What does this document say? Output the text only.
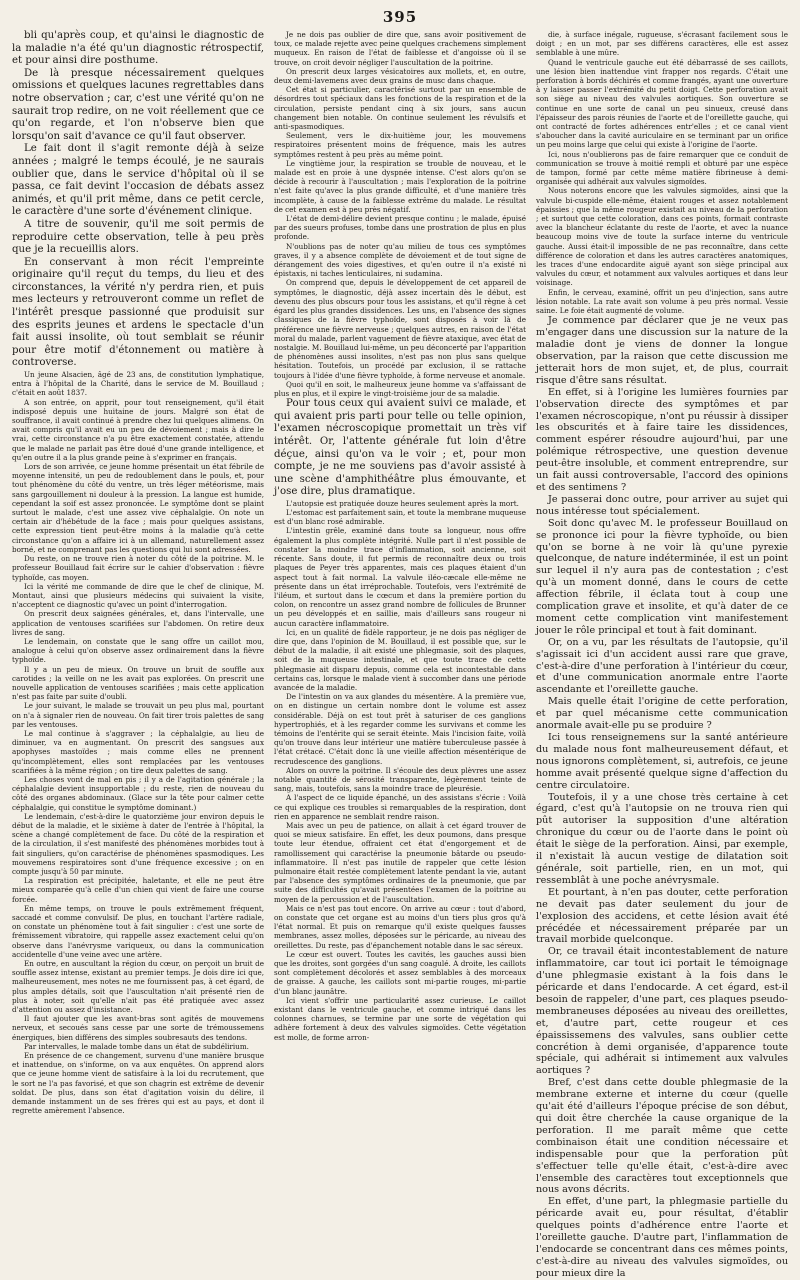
395

bli qu'après coup, et qu'ainsi le diagnostic de la maladie n'a été qu'un diagnostic rétrospectif, et pour ainsi dire posthume.

De là presque nécessairement quelques omissions et quelques lacunes regrettables dans notre observation ; car, c'est une vérité qu'on ne saurait trop redire, on ne voit réellement que ce qu'on regarde, et l'on n'observe bien que lorsqu'on sait d'avance ce qu'il faut observer.

Le fait dont il s'agit remonte déjà à seize années ; malgré le temps écoulé, je ne saurais oublier que, dans le service d'hôpital où il se passa, ce fait devint l'occasion de débats assez animés, et qu'il prit même, dans ce petit cercle, le caractère d'une sorte d'événement clinique.

A titre de souvenir, qu'il me soit permis de reproduire cette observation, telle à peu près que je la recueillis alors.

En conservant à mon récit l'empreinte originaire qu'il reçut du temps, du lieu et des circonstances, la vérité n'y perdra rien, et puis mes lecteurs y retrouveront comme un reflet de l'intérêt presque passionné que produisit sur des esprits jeunes et ardens le spectacle d'un fait aussi insolite, où tout semblait se réunir pour être motif d'étonnement ou matière à controverse.

Un jeune Alsacien, âgé de 23 ans, de constitution lymphatique, entra à l'hôpital de la Charité, dans le service de M. Bouillaud ; c'était en août 1837.

A son entrée, on apprit, pour tout renseignement, qu'il était indisposé depuis une huitaine de jours. Malgré son état de souffrance, il avait continué à prendre chez lui quelques alimens. On avait compris qu'il avait eu un peu de dévoiement ; mais à dire le vrai, cette circonstance n'a pu être exactement constatée, attendu que le malade ne parlait pas être doué d'une grande intelligence, et qu'en outre il a la plus grande peine à s'exprimer en français.

Lors de son arrivée, ce jeune homme présentait un état fébrile de moyenne intensité, un peu de redoublement dans le pouls, et, pour tout phénomène du côté du ventre, un très léger météorisme, mais sans gargouillement ni douleur à la pression. La langue est humide, cependant la soif est assez prononcée. Le symptôme dont se plaint surtout le malade, c'est une assez vive céphalalgie. On note un certain air d'hébétude de la face ; mais pour quelques assistans, cette expression tient peut-être moins à la maladie qu'à cette circonstance qu'on a affaire ici à un allemand, naturellement assez borné, et ne comprenant pas les questions qui lui sont adressées.

Du reste, on ne trouve rien à noter du côté de la poitrine. M. le professeur Bouillaud fait écrire sur le cahier d'observation : fièvre typhoïde, cas moyen.

Ici la vérité me commande de dire que le chef de clinique, M. Montaut, ainsi que plusieurs médecins qui suivaient la visite, n'acceptent ce diagnostic qu'avec un point d'interrogation.

On prescrit deux saignées générales, et, dans l'intervalle, une application de ventouses scarifiées sur l'abdomen. On retire deux livres de sang.

Le lendemain, on constate que le sang offre un caillot mou, analogue à celui qu'on observe assez ordinairement dans la fièvre typhoïde.

Il y a un peu de mieux. On trouve un bruit de souffle aux carotides ; la veille on ne les avait pas explorées. On prescrit une nouvelle application de ventouses scarifiées ; mais cette application n'est pas faite par suite d'oubli.

Le jour suivant, le malade se trouvait un peu plus mal, pourtant on n'a à signaler rien de nouveau. On fait tirer trois palettes de sang par les ventouses.

Le mal continue à s'aggraver ; la céphalalgie, au lieu de diminuer, va en augmentant. On prescrit des sangsues aux apophyses mastoïdes ; mais comme elles ne prennent qu'incomplètement, elles sont remplacées par les ventouses scarifiées à la même région ; on tire deux palettes de sang.

Les choses vont de mal en pis ; il y a de l'agitation générale ; la céphalalgie devient insupportable ; du reste, rien de nouveau du côté des organes abdominaux. (Glace sur la tête pour calmer cette céphalalgie, qui constitue le symptôme dominant.)

Le lendemain, c'est-à-dire le quatorzième jour environ depuis le début de la maladie, et le sixième à dater de l'entrée à l'hôpital, la scène a changé complètement de face. Du côté de la respiration et de la circulation, il s'est manifesté des phénomènes morbides tout à fait singuliers, qu'on caractérise de phénomènes spasmodiques. Les mouvemens respiratoires sont d'une fréquence excessive ; on en compte jusqu'à 50 par minute.

La respiration est précipitée, haletante, et elle ne peut être mieux comparée qu'à celle d'un chien qui vient de faire une course forcée.

En même temps, on trouve le pouls extrêmement fréquent, saccadé et comme convulsif. De plus, en touchant l'artère radiale, on constate un phénomène tout à fait singulier : c'est une sorte de frémissement vibratoire, qui rappelle assez exactement celui qu'on observe dans l'anévrysme variqueux, ou dans la communication accidentelle d'une veine avec une artère.

En outre, en auscultant la région du cœur, on perçoit un bruit de souffle assez intense, existant au premier temps. Je dois dire ici que, malheureusement, mes notes ne me fournissent pas, à cet égard, de plus amples détails, soit que l'auscultation n'ait présenté rien de plus à noter, soit qu'elle n'ait pas été pratiquée avec assez d'attention ou assez d'insistance.

Il faut ajouter que les avant-bras sont agités de mouvemens nerveux, et secoués sans cesse par une sorte de trémoussemens énergiques, bien différens des simples soubresauts des tendons.

Par intervalles, le malade tombe dans un état de subdélirium.

En présence de ce changement, survenu d'une manière brusque et inattendue, on s'informe, on va aux enquêtes. On apprend alors que ce jeune homme vient de satisfaire à la loi du recrutement, que le sort ne l'a pas favorisé, et que son chagrin est extrême de devenir soldat. De plus, dans son état d'agitation voisin du délire, il demande instamment un de ses frères qui est au pays, et dont il regrette amèrement l'absence.

Je ne dois pas oublier de dire que, sans avoir positivement de toux, ce malade rejette avec peine quelques crachemens simplement muqueux. En raison de l'état de faiblesse et d'angoisse où il se trouve, on croit devoir négliger l'auscultation de la poitrine.

On prescrit deux larges vésicatoires aux mollets, et, en outre, deux demi-lavemens avec deux grains de musc dans chaque.

Cet état si particulier, caractérisé surtout par un ensemble de désordres tout spéciaux dans les fonctions de la respiration et de la circulation, persiste pendant cinq à six jours, sans aucun changement bien notable. On continue seulement les révulsifs et anti-spasmodiques.

Seulement, vers le dix-huitième jour, les mouvemens respiratoires présentent moins de fréquence, mais les autres symptômes restent à peu près au même point.

Le vingtième jour, la respiration se trouble de nouveau, et le malade est en proie à une dyspnée intense. C'est alors qu'on se décide à recourir à l'auscultation ; mais l'exploration de la poitrine n'est faite qu'avec la plus grande difficulté, et d'une manière très incomplète, à cause de la faiblesse extrême du malade. Le résultat de cet examen est à peu près négatif.

L'état de demi-délire devient presque continu ; le malade, épuisé par des sueurs profuses, tombe dans une prostration de plus en plus profonde.

N'oublions pas de noter qu'au milieu de tous ces symptômes graves, il y a absence complète de dévoiement et de tout signe de dérangement des voies digestives, et qu'en outre il n'a existé ni épistaxis, ni taches lenticulaires, ni sudamina.

On comprend que, depuis le développement de cet appareil de symptômes, le diagnostic, déjà assez incertain dès le début, est devenu des plus obscurs pour tous les assistans, et qu'il règne à cet égard les plus grandes dissidences. Les uns, en l'absence des signes classiques de la fièvre typhoïde, sont disposés à voir là de préférence une fièvre nerveuse ; quelques autres, en raison de l'état moral du malade, parlent vaguement de fièvre ataxique, avec état de nostalgie. M. Bouillaud lui-même, un peu déconcerté par l'apparition de phénomènes aussi insolites, n'est pas non plus sans quelque hésitation. Toutefois, un procédé par exclusion, il se rattache toujours à l'idée d'une fièvre typhoïde, à forme nerveuse et anomale.

Quoi qu'il en soit, le malheureux jeune homme va s'affaissant de plus en plus, et il expire le vingt-troisième jour de sa maladie.

Pour tous ceux qui avaient suivi ce malade, et qui avaient pris parti pour telle ou telle opinion, l'examen nécroscopique promettait un très vif intérêt. Or, l'attente générale fut loin d'être déçue, ainsi qu'on va le voir ; et, pour mon compte, je ne me souviens pas d'avoir assisté à une scène d'amphithéâtre plus émouvante, et j'ose dire, plus dramatique.

L'autopsie est pratiquée douze heures seulement après la mort.

L'estomac est parfaitement sain, et toute la membrane muqueuse est d'un blanc rosé admirable.

L'intestin grêle, examiné dans toute sa longueur, nous offre également la plus complète intégrité. Nulle part il n'est possible de constater la moindre trace d'inflammation, soit ancienne, soit récente. Sans doute, il fut permis de reconnaître deux ou trois plaques de Peyer très apparentes, mais ces plaques étaient d'un aspect tout à fait normal. La valvule iléo-cæcale elle-même ne présente dans un état irréprochable. Toutefois, vers l'extrémité de l'iléum, et surtout dans le cœcum et dans la première portion du colon, on rencontre un assez grand nombre de follicules de Brunner un peu développés et en saillie, mais d'ailleurs sans rougeur ni aucun caractère inflammatoire.

Ici, en un qualité de fidèle rapporteur, je ne dois pas négliger de dire que, dans l'opinion de M. Bouillaud, il est possible que, sur le début de la maladie, il ait existé une phlegmasie, soit des plaques, soit de la muqueuse intestinale, et que toute trace de cette phlegmasie ait disparu depuis, comme cela est incontestable dans certains cas, lorsque le malade vient à succomber dans une période avancée de la maladie.

De l'intestin on va aux glandes du mésentère. A la première vue, on en distingue un certain nombre dont le volume est assez considérable. Déjà on est tout prêt à saturiser de ces ganglions hypertrophiés, et à les regarder comme les survivans et comme les témoins de l'entérite qui se serait éteinte. Mais l'incision faite, voilà qu'on trouve dans leur intérieur une matière tuberculeuse passée à l'état crétacé. C'était donc là une vieille affection mésentérique de recrudescence des ganglions.

Alors on ouvre la poitrine. Il s'écoule des deux plèvres une assez notable quantité de sérosité transparente, légèrement teinte de sang, mais, toutefois, sans la moindre trace de pleurésie.

A l'aspect de ce liquide épanché, un des assistans s'écrie : Voilà ce qui explique ces troubles si remarquables de la respiration, dont rien en apparence ne semblait rendre raison.

Mais avec un peu de patience, on allait à cet égard trouver de quoi se mieux satisfaire. En effet, les deux poumons, dans presque toute leur étendue, offraient cet état d'engorgement et de ramollissement qui caractérise la pneumonie bâtarde ou pseudo-inflammatoire. Il n'est pas inutile de rappeler que cette lésion pulmonaire était restée complètement latente pendant la vie, autant par l'absence des symptômes ordinaires de la pneumonie, que par suite des difficultés qu'avait présentées l'examen de la poitrine au moyen de la percussion et de l'auscultation.

Mais ce n'est pas tout encore. On arrive au cœur : tout d'abord, on constate que cet organe est au moins d'un tiers plus gros qu'à l'état normal. Et puis on remarque qu'il existe quelques fausses membranes, assez molles, déposées sur le péricarde, au niveau des oreillettes. Du reste, pas d'épanchement notable dans le sac séreux.

Le cœur est ouvert. Toutes les cavités, les gauches aussi bien que les droites, sont gorgées d'un sang coagulé. A droite, les caillots sont complètement décolorés et assez semblables à des morceaux de graisse. A gauche, les caillots sont mi-partie rouges, mi-partie d'un blanc jaunâtre.

Ici vient s'offrir une particularité assez curieuse. Le caillot existant dans le ventricule gauche, et comme intriqué dans les colonnes charnues, se termine par une sorte de végétation qui adhère fortement à deux des valvules sigmoïdes. Cette végétation est molle, de forme arron-

die, à surface inégale, rugueuse, s'écrasant facilement sous le doigt ; en un mot, par ses différens caractères, elle est assez semblable à une mûre.

Quand le ventricule gauche eut été débarrassé de ses caillots, une lésion bien inattendue vint frapper nos regards. C'était une perforation à bords déchirés et comme frangés, ayant une ouverture à y laisser passer l'extrémité du petit doigt. Cette perforation avait son siège au niveau des valvules aortiques. Son ouverture se continue en une sorte de canal un peu sinueux, creusé dans l'épaisseur des parois réunies de l'aorte et de l'oreillette gauche, qui ont contracté de fortes adhérences entr'elles ; et ce canal vient s'aboucher dans la cavité auriculaire en se terminant par un orifice un peu moins large que celui qui existe à l'origine de l'aorte.

Ici, nous n'oublierons pas de faire remarquer que ce conduit de communication se trouve à moitié rempli et obturé par une espèce de tampon, formé par cette même matière fibrineuse à demi-organisée qui adhérait aux valvules sigmoïdes.

Nous noterons encore que les valvules sigmoïdes, ainsi que la valvule bi-cuspide elle-même, étaient rouges et assez notablement épaissies ; que la même rougeur existait au niveau de la perforation ; et surtout que cette coloration, dans ces points, formait contraste avec la blancheur éclatante du reste de l'aorte, et avec la nuance beaucoup moins vive de toute la surface interne du ventricule gauche. Aussi était-il impossible de ne pas reconnaître, dans cette différence de coloration et dans les autres caractères anatomiques, les traces d'une endocardite aiguë ayant son siège principal aux valvules du cœur, et notamment aux valvules aortiques et dans leur voisinage.

Enfin, le cerveau, examiné, offrit un peu d'injection, sans autre lésion notable. La rate avait son volume à peu près normal. Vessie saine. Le foie était augmenté de volume.

Je commence par déclarer que je ne veux pas m'engager dans une discussion sur la nature de la maladie dont je viens de donner la longue observation, par la raison que cette discussion me jetterait hors de mon sujet, et, de plus, courrait risque d'être sans résultat.

En effet, si à l'origine les lumières fournies par l'observation directe des symptômes et par l'examen nécroscopique, n'ont pu réussir à dissiper les obscurités et à faire taire les dissidences, comment espérer résoudre aujourd'hui, par une polémique rétrospective, une question devenue peut-être insoluble, et comment entreprendre, sur un fait aussi controversable, l'accord des opinions et des sentimens ?

Je passerai donc outre, pour arriver au sujet qui nous intéresse tout spécialement.

Soit donc qu'avec M. le professeur Bouillaud on se prononce ici pour la fièvre typhoïde, ou bien qu'on se borne à ne voir là qu'une pyrexie quelconque, de nature indéterminée, il est un point sur lequel il n'y aura pas de contestation ; c'est qu'à un moment donné, dans le cours de cette affection fébrile, il éclata tout à coup une complication grave et insolite, et qu'à dater de ce moment cette complication vint manifestement jouer le rôle principal et tout à fait dominant.

Or, on a vu, par les résultats de l'autopsie, qu'il s'agissait ici d'un accident aussi rare que grave, c'est-à-dire d'une perforation à l'intérieur du cœur, et d'une communication anormale entre l'aorte ascendante et l'oreillette gauche.

Mais quelle était l'origine de cette perforation, et par quel mécanisme cette communication anormale avait-elle pu se produire ?

Ici tous renseignemens sur la santé antérieure du malade nous font malheureusement défaut, et nous ignorons complètement, si, autrefois, ce jeune homme avait présenté quelque signe d'affection du centre circulatoire.

Toutefois, il y a une chose très certaine à cet égard, c'est qu'à l'autopsie on ne trouva rien qui pût autoriser la supposition d'une altération chronique du cœur ou de l'aorte dans le point où était le siège de la perforation. Ainsi, par exemple, il n'existait là aucun vestige de dilatation soit générale, soit partielle, rien, en un mot, qui ressemblât à une poche anévrysmale.

Et pourtant, à n'en pas douter, cette perforation ne devait pas dater seulement du jour de l'explosion des accidens, et cette lésion avait été précédée et nécessairement préparée par un travail morbide quelconque.

Or, ce travail était incontestablement de nature inflammatoire, car tout ici portait le témoignage d'une phlegmasie existant à la fois dans le péricarde et dans l'endocarde. A cet égard, est-il besoin de rappeler, d'une part, ces plaques pseudo-membraneuses déposées au niveau des oreillettes, et, d'autre part, cette rougeur et ces épaississemens des valvules, sans oublier cette concrétion à demi organisée, d'apparence toute spéciale, qui adhérait si intimement aux valvules aortiques ?

Bref, c'est dans cette double phlegmasie de la membrane externe et interne du cœur (quelle qu'ait été d'ailleurs l'époque précise de son début, qui doit être cherchée la cause organique de la perforation. Il me paraît même que cette combinaison était une condition nécessaire et indispensable pour que la perforation pût s'effectuer telle qu'elle était, c'est-à-dire avec l'ensemble des caractères tout exceptionnels que nous avons décrits.

En effet, d'une part, la phlegmasie partielle du péricarde avait eu, pour résultat, d'établir quelques points d'adhérence entre l'aorte et l'oreillette gauche. D'autre part, l'inflammation de l'endocarde se concentrant dans ces mêmes points, c'est-à-dire au niveau des valvules sigmoïdes, ou pour mieux dire la
